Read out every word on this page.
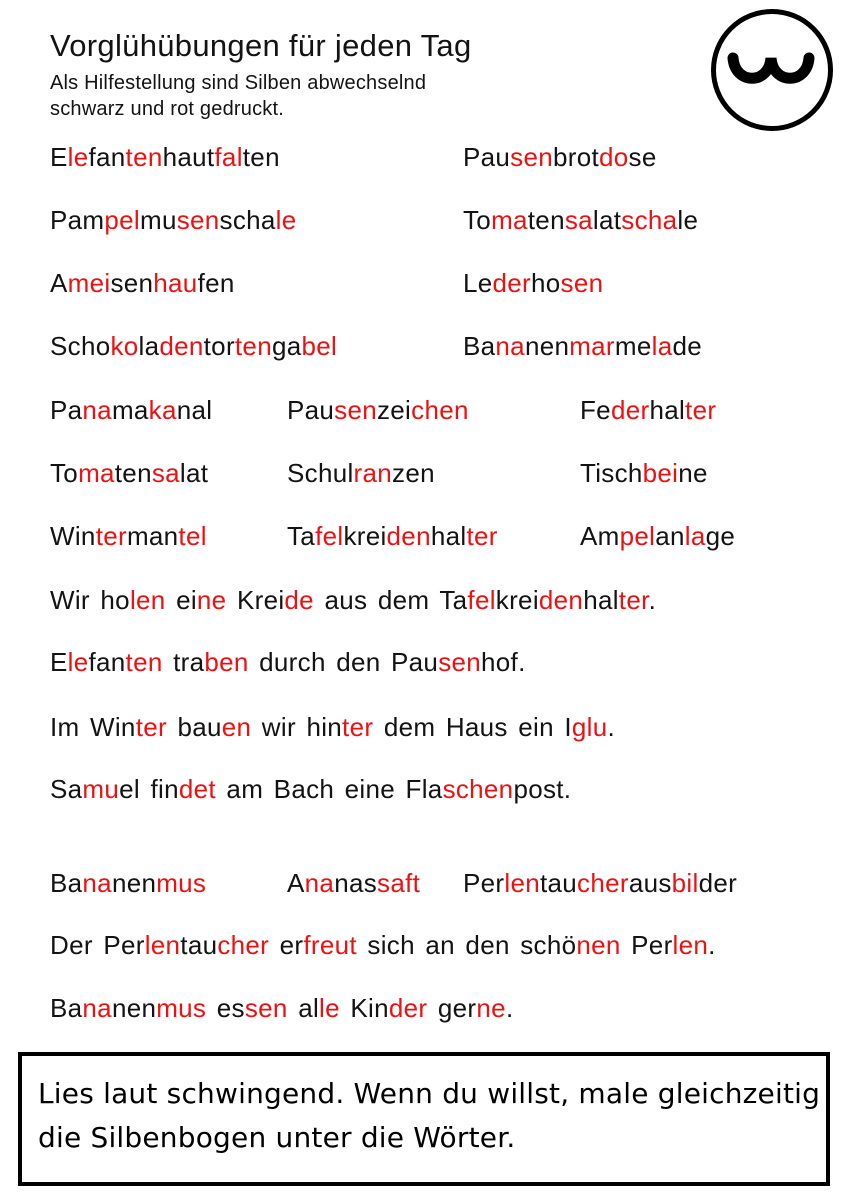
Vorglühübungen für jeden Tag
Als Hilfestellung sind Silben abwechselnd
schwarz und rot gedruckt.
Elefantenhautfalten	Pausenbrotdose
Pampelmusenschale	Tomatensalatschale
Ameisenhaufen	Lederhosen
Schokoladentortengabel	Bananenmarmelade
Panamakanal	Pausenzeichen	Federhalter
Tomatensalat	Schulranzen	Tischbeine
Wintermantel	Tafelkreidenhalter	Ampelanlage
Wir holen eine Kreide aus dem Tafelkreidenhalter.
Elefanten traben durch den Pausenhof.
Im Winter bauen wir hinter dem Haus ein Iglu.
Samuel findet am Bach eine Flaschenpost.
Bananenmus	Ananassaft Perlentaucherausbilder
Der Perlentaucher erfreut sich an den schönen Perlen.
Bananenmus essen alle Kinder gerne.
Lies laut schwingend. Wenn du willst, male gleichzeitig
die Silbenbogen unter die Wörter.
